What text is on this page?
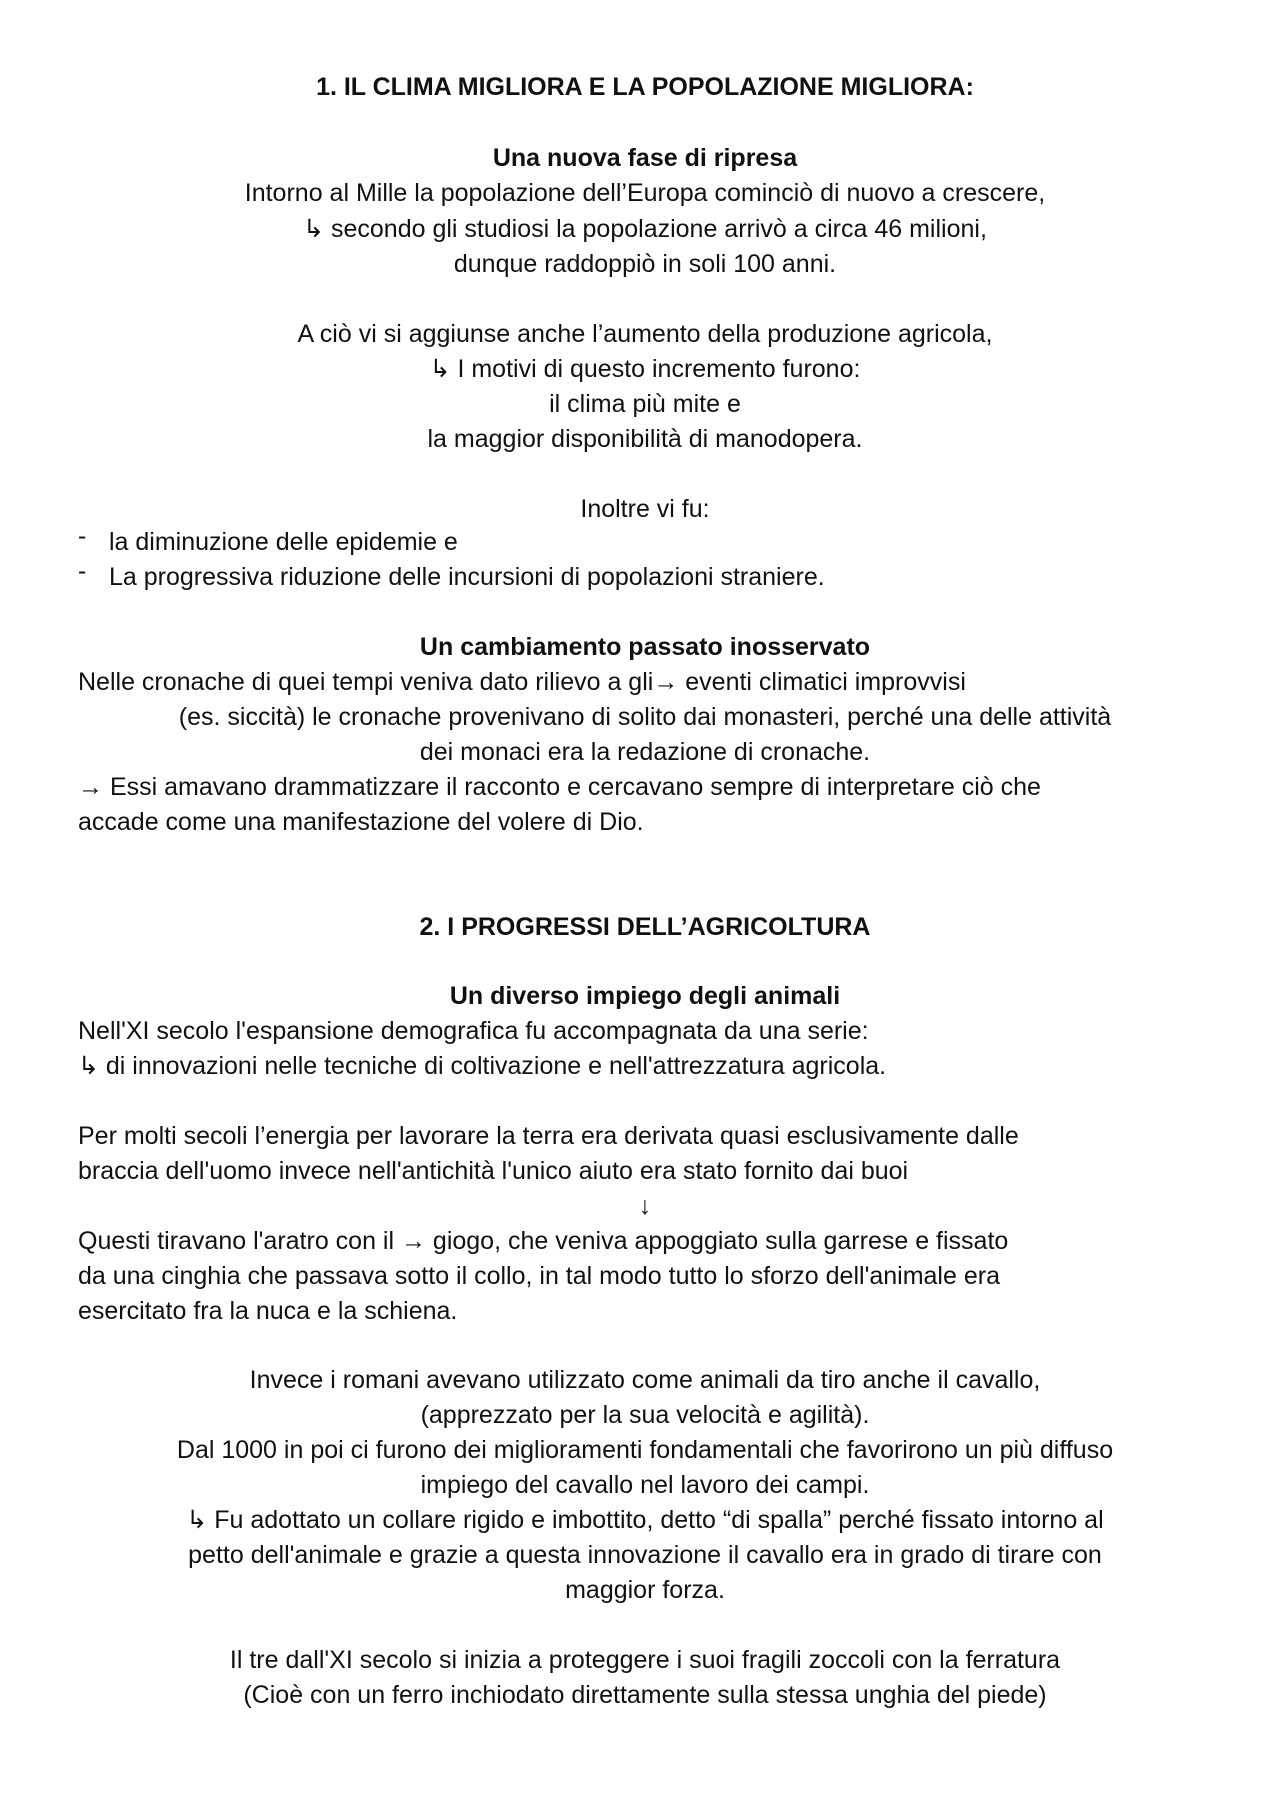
1. IL CLIMA MIGLIORA E LA POPOLAZIONE MIGLIORA:
Una nuova fase di ripresa
Intorno al Mille la popolazione dell’Europa cominciò di nuovo a crescere,
↳ secondo gli studiosi la popolazione arrivò a circa 46 milioni,
dunque raddoppiò in soli 100 anni.
A ciò vi si aggiunse anche l’aumento della produzione agricola,
↳ I motivi di questo incremento furono:
il clima più mite e
la maggior disponibilità di manodopera.
Inoltre vi fu:
- la diminuzione delle epidemie e
- La progressiva riduzione delle incursioni di popolazioni straniere.
Un cambiamento passato inosservato
Nelle cronache di quei tempi veniva dato rilievo a gli→ eventi climatici improvvisi
(es. siccità) le cronache provenivano di solito dai monasteri, perché una delle attività
dei monaci era la redazione di cronache.
→ Essi amavano drammatizzare il racconto e cercavano sempre di interpretare ciò che
accade come una manifestazione del volere di Dio.
2. I PROGRESSI DELL’AGRICOLTURA
Un diverso impiego degli animali
Nell'XI secolo l'espansione demografica fu accompagnata da una serie:
↳ di innovazioni nelle tecniche di coltivazione e nell'attrezzatura agricola.
Per molti secoli l’energia per lavorare la terra era derivata quasi esclusivamente dalle
braccia dell'uomo invece nell'antichità l'unico aiuto era stato fornito dai buoi
↓
Questi tiravano l'aratro con il → giogo, che veniva appoggiato sulla garrese e fissato
da una cinghia che passava sotto il collo, in tal modo tutto lo sforzo dell'animale era
esercitato fra la nuca e la schiena.
Invece i romani avevano utilizzato come animali da tiro anche il cavallo,
(apprezzato per la sua velocità e agilità).
Dal 1000 in poi ci furono dei miglioramenti fondamentali che favorirono un più diffuso
impiego del cavallo nel lavoro dei campi.
↳ Fu adottato un collare rigido e imbottito, detto “di spalla” perché fissato intorno al
petto dell'animale e grazie a questa innovazione il cavallo era in grado di tirare con
maggior forza.
Il tre dall'XI secolo si inizia a proteggere i suoi fragili zoccoli con la ferratura
(Cioè con un ferro inchiodato direttamente sulla stessa unghia del piede)
